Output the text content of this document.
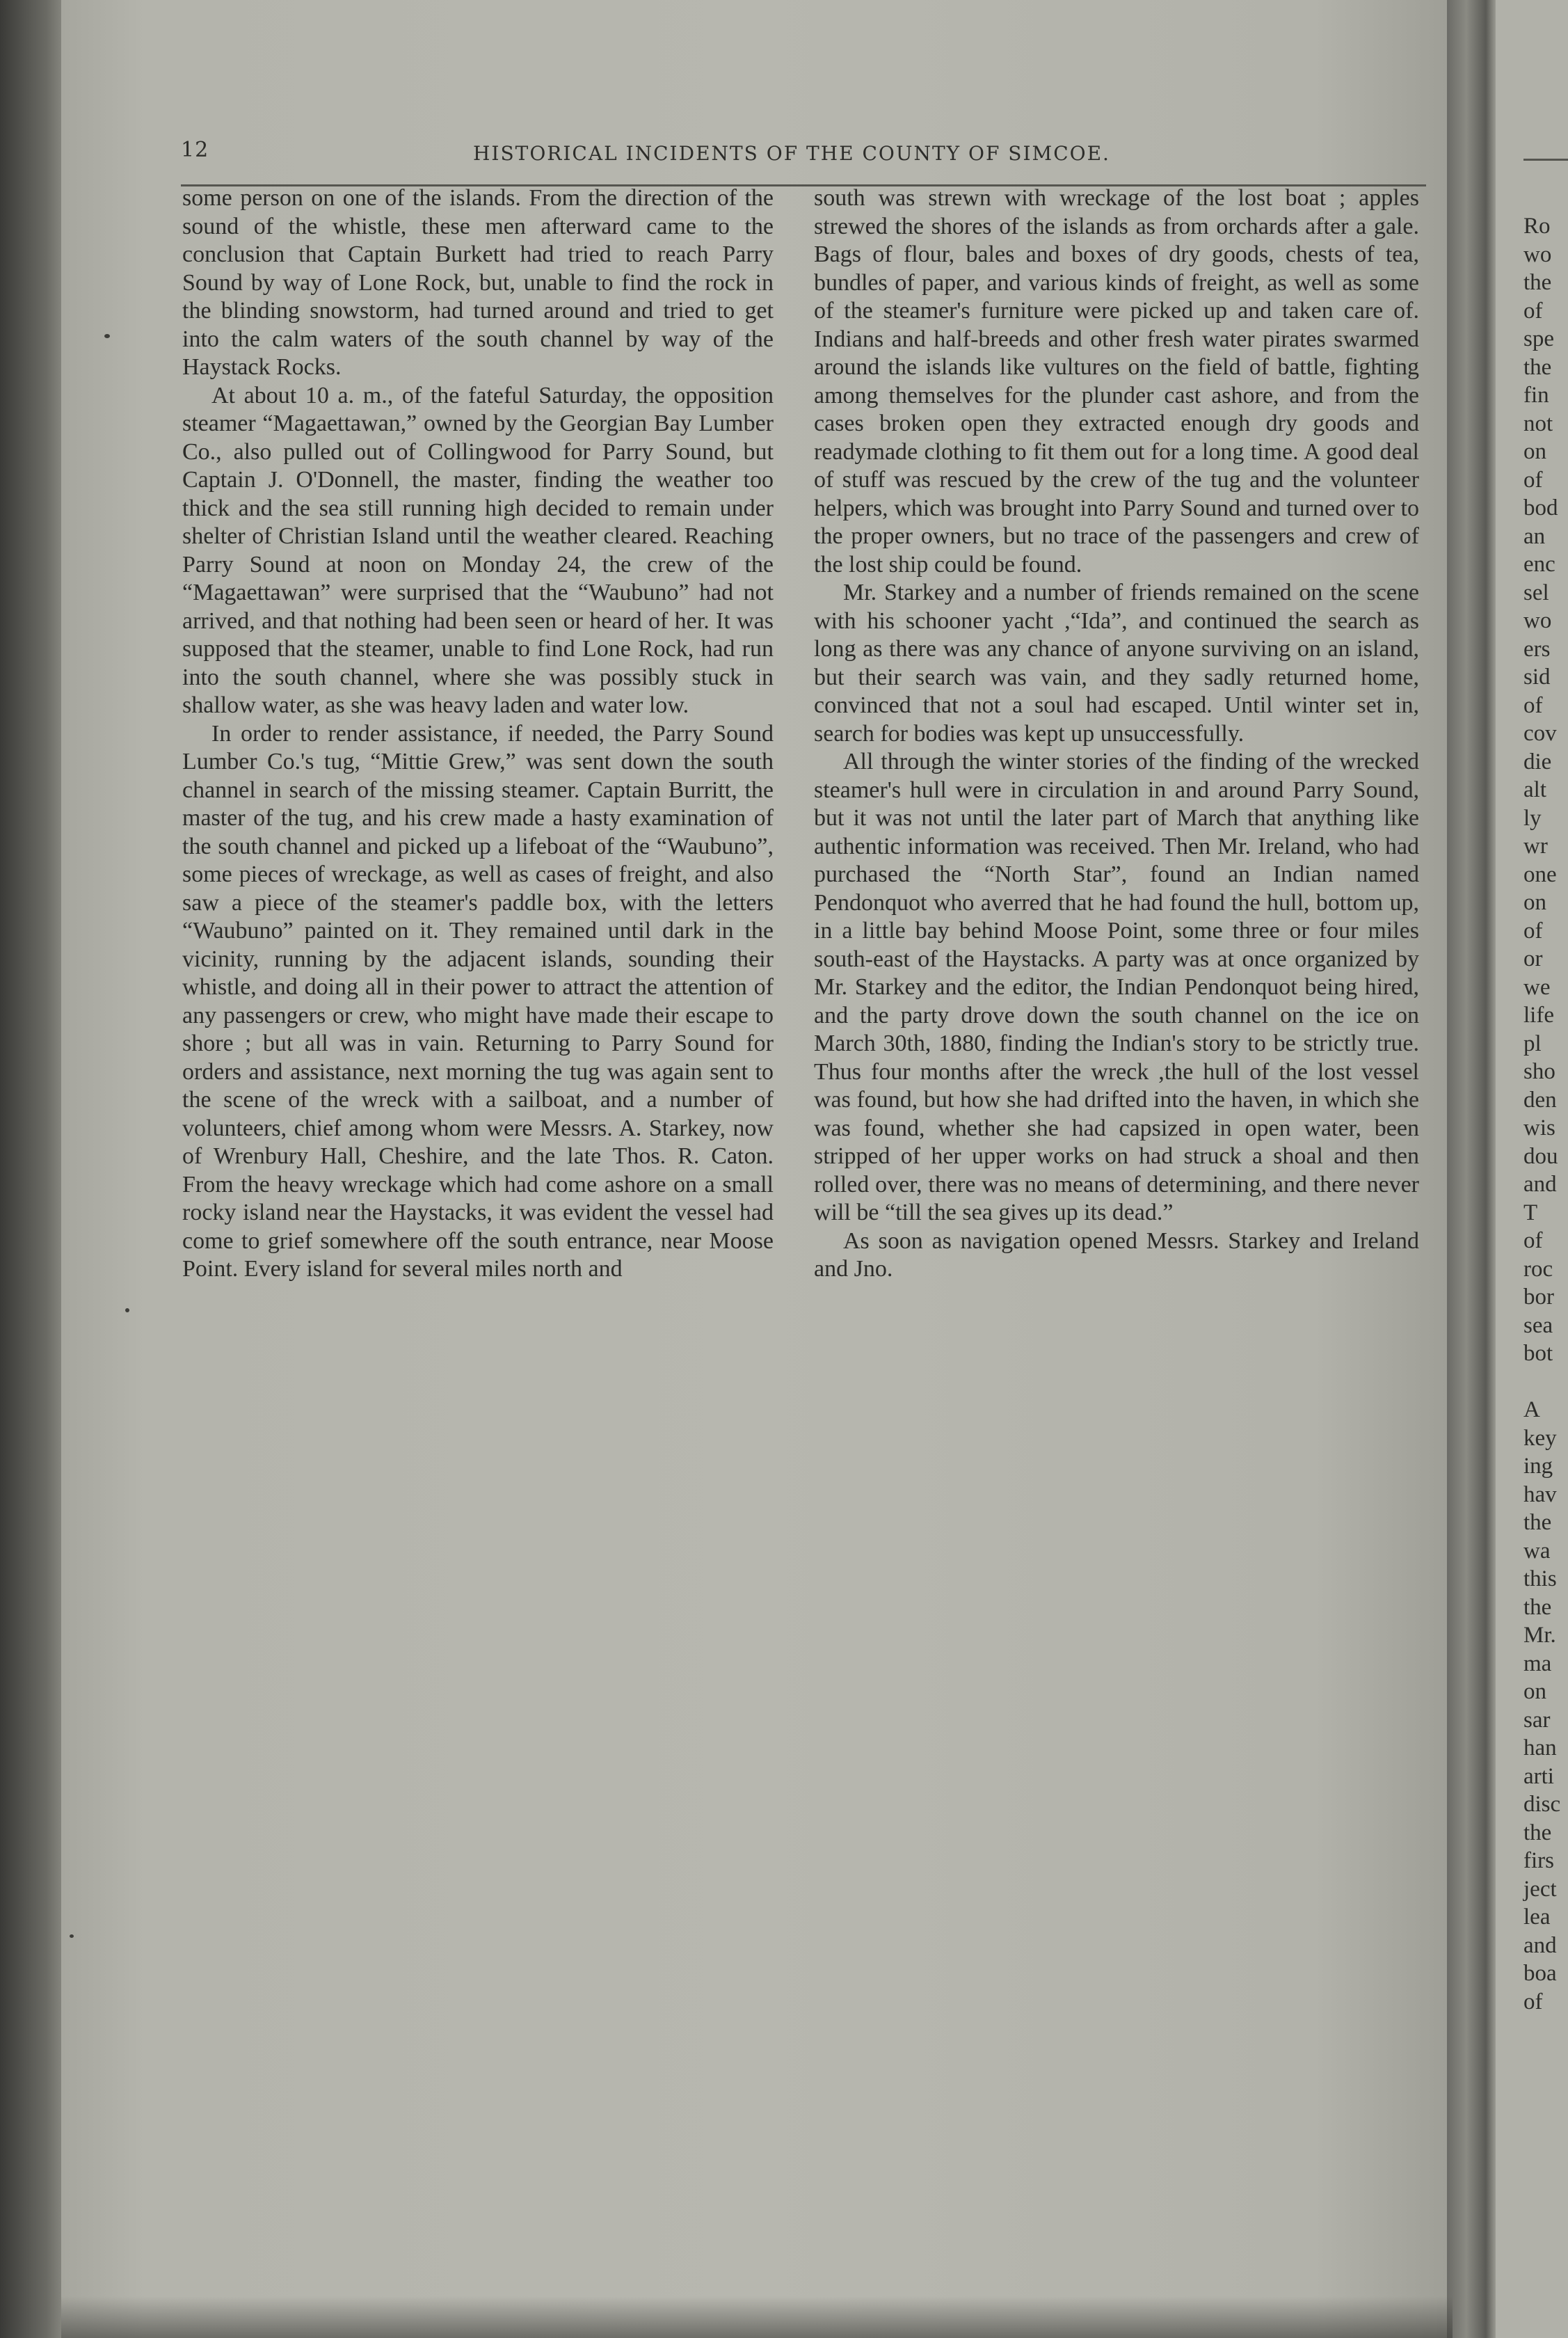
Ro
wo
the
of
spe
the
fin
not
on
of
bod
an
enc
sel
wo
ers
sid
of
cov
die
alt
ly
wr
one
on
of
or
we
life
pl
sho
den
wis
dou
and
T
of
roc
bor
sea
bot

A
key
ing
hav
the
wa
this
the
Mr.
ma
on
sar
han
arti
disc
the
firs
ject
lea
and
boa
of
12	HISTORICAL INCIDENTS OF THE COUNTY OF SIMCOE.

some person on one of the islands. From the direction of the sound of the whistle, these men afterward came to the conclusion that Captain Burkett had tried to reach Parry Sound by way of Lone Rock, but, unable to find the rock in the blinding snowstorm, had turned around and tried to get into the calm waters of the south channel by way of the Haystack Rocks.

At about 10 a. m., of the fateful Saturday, the opposition steamer “Magaettawan,” owned by the Georgian Bay Lumber Co., also pulled out of Collingwood for Parry Sound, but Captain J. O'Donnell, the master, finding the weather too thick and the sea still running high decided to remain under shelter of Christian Island until the weather cleared. Reaching Parry Sound at noon on Monday 24, the crew of the “Magaettawan” were surprised that the “Waubuno” had not arrived, and that nothing had been seen or heard of her. It was supposed that the steamer, unable to find Lone Rock, had run into the south channel, where she was possibly stuck in shallow water, as she was heavy laden and water low.

In order to render assistance, if needed, the Parry Sound Lumber Co.'s tug, “Mittie Grew,” was sent down the south channel in search of the missing steamer. Captain Burritt, the master of the tug, and his crew made a hasty examination of the south channel and picked up a lifeboat of the “Waubuno”, some pieces of wreckage, as well as cases of freight, and also saw a piece of the steamer's paddle box, with the letters “Waubuno” painted on it. They remained until dark in the vicinity, running by the adjacent islands, sounding their whistle, and doing all in their power to attract the attention of any passengers or crew, who might have made their escape to shore ; but all was in vain. Returning to Parry Sound for orders and assistance, next morning the tug was again sent to the scene of the wreck with a sailboat, and a number of volunteers, chief among whom were Messrs. A. Starkey, now of Wrenbury Hall, Cheshire, and the late Thos. R. Caton. From the heavy wreckage which had come ashore on a small rocky island near the Haystacks, it was evident the vessel had come to grief somewhere off the south entrance, near Moose Point. Every island for several miles north and

south was strewn with wreckage of the lost boat ; apples strewed the shores of the islands as from orchards after a gale. Bags of flour, bales and boxes of dry goods, chests of tea, bundles of paper, and various kinds of freight, as well as some of the steamer's furniture were picked up and taken care of. Indians and half-breeds and other fresh water pirates swarmed around the islands like vultures on the field of battle, fighting among themselves for the plunder cast ashore, and from the cases broken open they extracted enough dry goods and readymade clothing to fit them out for a long time. A good deal of stuff was rescued by the crew of the tug and the volunteer helpers, which was brought into Parry Sound and turned over to the proper owners, but no trace of the passengers and crew of the lost ship could be found.

Mr. Starkey and a number of friends remained on the scene with his schooner yacht ,“Ida”, and continued the search as long as there was any chance of anyone surviving on an island, but their search was vain, and they sadly returned home, convinced that not a soul had escaped. Until winter set in, search for bodies was kept up unsuccessfully.

All through the winter stories of the finding of the wrecked steamer's hull were in circulation in and around Parry Sound, but it was not until the later part of March that anything like authentic information was received. Then Mr. Ireland, who had purchased the “North Star”, found an Indian named Pendonquot who averred that he had found the hull, bottom up, in a little bay behind Moose Point, some three or four miles south-east of the Haystacks. A party was at once organized by Mr. Starkey and the editor, the Indian Pendonquot being hired, and the party drove down the south channel on the ice on March 30th, 1880, finding the Indian's story to be strictly true. Thus four months after the wreck ,the hull of the lost vessel was found, but how she had drifted into the haven, in which she was found, whether she had capsized in open water, been stripped of her upper works on had struck a shoal and then rolled over, there was no means of determining, and there never will be “till the sea gives up its dead.”

As soon as navigation opened Messrs. Starkey and Ireland and Jno.
